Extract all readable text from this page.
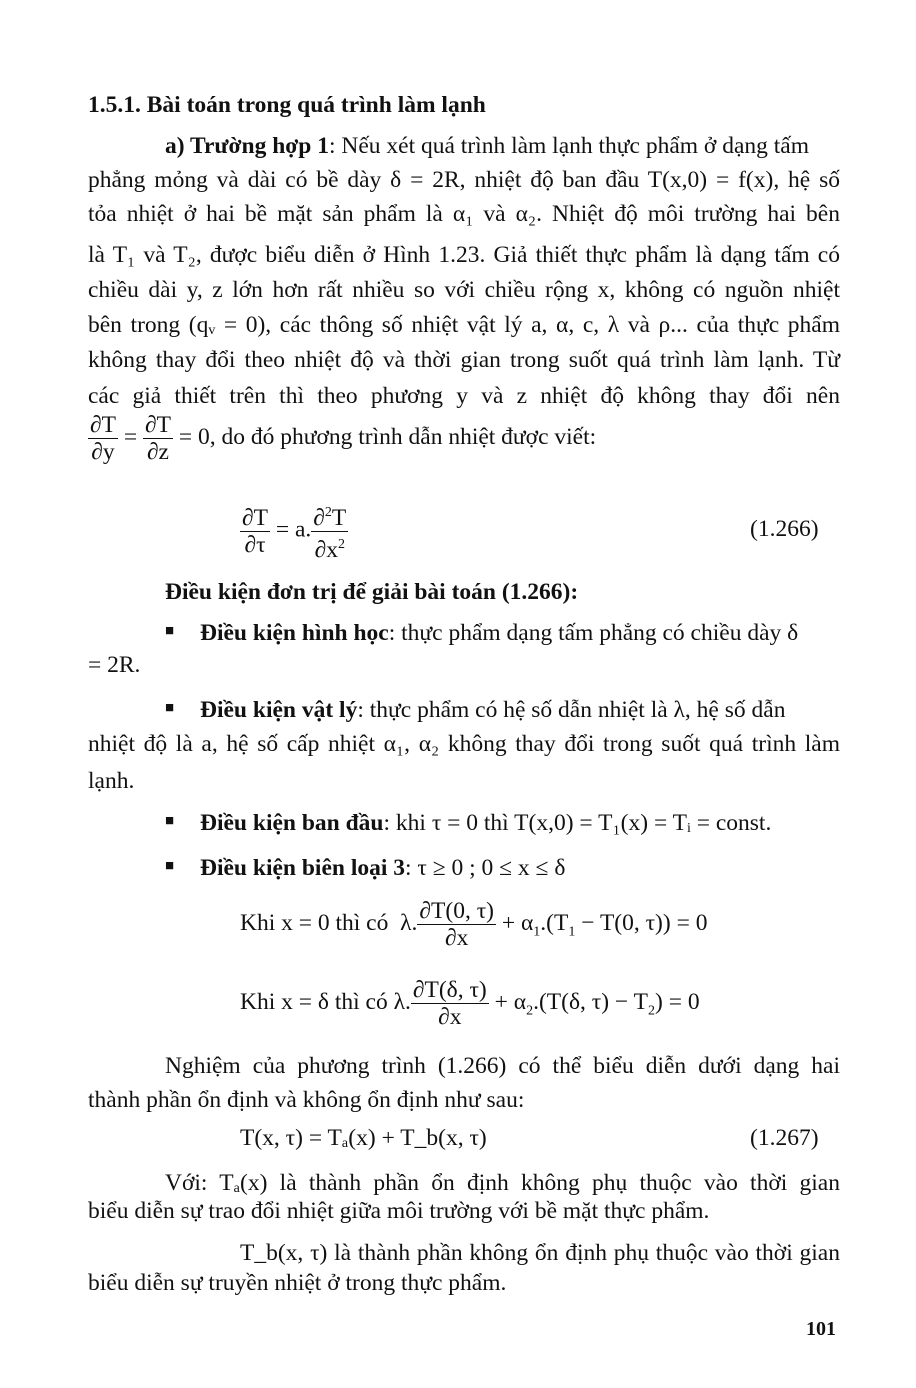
1.5.1. Bài toán trong quá trình làm lạnh
a) Trường hợp 1: Nếu xét quá trình làm lạnh thực phẩm ở dạng tấm
phẳng mỏng và dài có bề dày δ = 2R, nhiệt độ ban đầu T(x,0) = f(x), hệ số
tỏa nhiệt ở hai bề mặt sản phẩm là α₁ và α₂. Nhiệt độ môi trường hai bên
là T₁ và T₂, được biểu diễn ở Hình 1.23. Giả thiết thực phẩm là dạng tấm có
chiều dài y, z lớn hơn rất nhiều so với chiều rộng x, không có nguồn nhiệt
bên trong (qᵥ = 0), các thông số nhiệt vật lý a, α, c, λ và ρ... của thực phẩm
không thay đổi theo nhiệt độ và thời gian trong suốt quá trình làm lạnh. Từ
các giả thiết trên thì theo phương y và z nhiệt độ không thay đổi nên
$\frac{\partial T}{\partial y} = \frac{\partial T}{\partial z} = 0$, do đó phương trình dẫn nhiệt được viết:
$\frac{\partial T}{\partial\tau} = a$. $\frac{\partial^2T}{\partial x^2}$	(1.266)
Điều kiện đơn trị để giải bài toán (1.266):
■ Điều kiện hình học: thực phẩm dạng tấm phẳng có chiều dày δ
= 2R.
■ Điều kiện vật lý: thực phẩm có hệ số dẫn nhiệt là λ, hệ số dẫn
nhiệt độ là a, hệ số cấp nhiệt α₁, α₂ không thay đổi trong suốt quá trình làm
lạnh.
■ Điều kiện ban đầu: khi τ = 0 thì T(x,0) = T₁(x) = Tᵢ = const.
■ Điều kiện biên loại 3: τ ≥ 0 ; 0 ≤ x ≤ δ
Khi x = 0 thì có  λ. $\frac{\partial T(0, \tau)}{\partial x} + \alpha_1.(T_1 - T(0$, τ)) = 0
Khi x = δ thì có λ. $\frac{\partial T(\delta, \tau)}{\partial x} + \alpha_2.(T(\delta$, $\tau) - T_2) = 0$
Nghiệm của phương trình (1.266) có thể biểu diễn dưới dạng hai
thành phần ổn định và không ổn định như sau:
T(x, τ) = Tₐ(x) + T_b(x, τ)	(1.267)
Với: Tₐ(x) là thành phần ổn định không phụ thuộc vào thời gian
biểu diễn sự trao đổi nhiệt giữa môi trường với bề mặt thực phẩm.
T_b(x, τ) là thành phần không ổn định phụ thuộc vào thời gian
biểu diễn sự truyền nhiệt ở trong thực phẩm.
101
